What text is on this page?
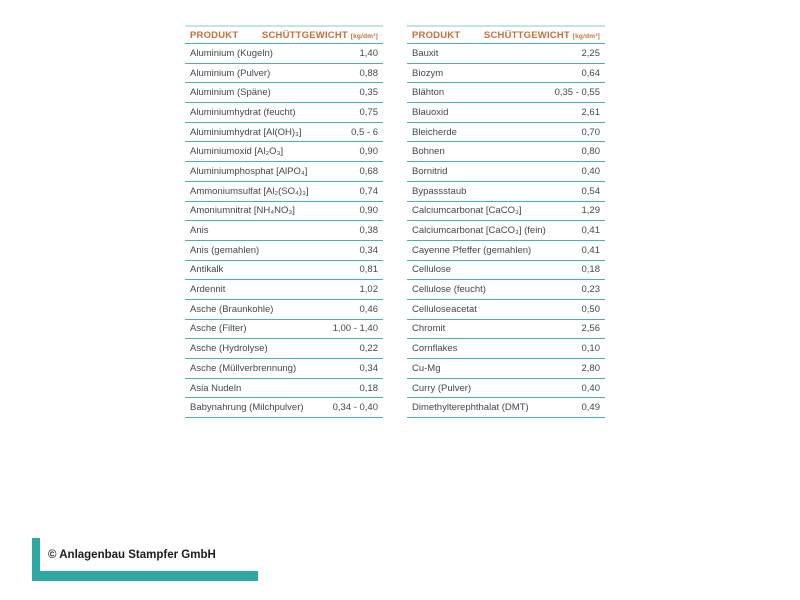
PRODUKT SCHÜTTGEWICHT [kg/dm³]
Aluminium (Kugeln)	1,40
Aluminium (Pulver)	0,88
Aluminium (Späne)	0,35
Aluminiumhydrat (feucht)	0,75
Aluminiumhydrat [Al(OH)₃]	0,5 - 6
Aluminiumoxid [Al₂O₃]	0,90
Aluminiumphosphat [AlPO₄]	0,68
Ammoniumsulfat [Al₂(SO₄)₃]	0,74
Amoniumnitrat [NH₄NO₃]	0,90
Anis	0,38
Anis (gemahlen)	0,34
Antikalk	0,81
Ardennit	1,02
Asche (Braunkohle)	0,46
Asche (Filter)	1,00 - 1,40
Asche (Hydrolyse)	0,22
Asche (Müllverbrennung)	0,34
Asia Nudeln	0,18
Babynahrung (Milchpulver)	0,34 - 0,40
PRODUKT SCHÜTTGEWICHT [kg/dm³]
Bauxit	2,25
Biozym	0,64
Blähton	0,35 - 0,55
Blauoxid	2,61
Bleicherde	0,70
Bohnen	0,80
Bornitrid	0,40
Bypassstaub	0,54
Calciumcarbonat [CaCO₃]	1,29
Calciumcarbonat [CaCO₃] (fein)	0,41
Cayenne Pfeffer (gemahlen)	0,41
Cellulose	0,18
Cellulose (feucht)	0,23
Celluloseacetat	0,50
Chromit	2,56
Cornflakes	0,10
Cu-Mg	2,80
Curry (Pulver)	0,40
Dimethylterephthalat (DMT)	0,49
© Anlagenbau Stampfer GmbH
